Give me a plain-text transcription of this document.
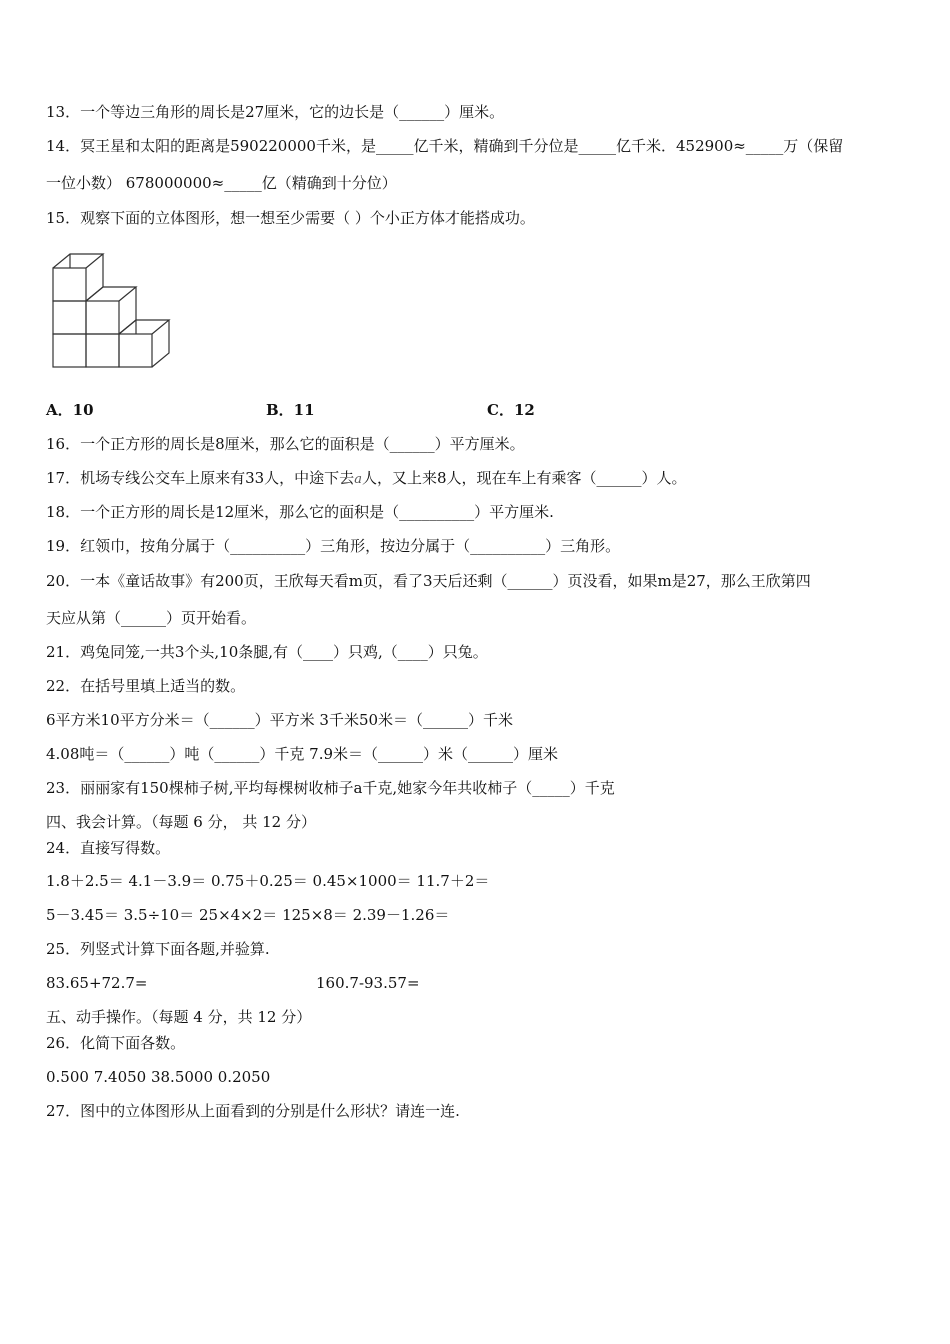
13．一个等边三角形的周长是27厘米，它的边长是（______）厘米。
14．冥王星和太阳的距离是590220000千米，是_____亿千米，精确到千分位是_____亿千米．452900≈_____万（保留
一位小数） 678000000≈_____亿（精确到十分位）
15．观察下面的立体图形，想一想至少需要（ ）个小正方体才能搭成功。
A．10	B．11	C．12
16．一个正方形的周长是8厘米，那么它的面积是（______）平方厘米。
17．机场专线公交车上原来有33人，中途下去a人，又上来8人，现在车上有乘客（______）人。
18．一个正方形的周长是12厘米，那么它的面积是（__________）平方厘米.
19．红领巾，按角分属于（__________）三角形，按边分属于（__________）三角形。
20．一本《童话故事》有200页，王欣每天看m页，看了3天后还剩（______）页没看，如果m是27，那么王欣第四
天应从第（______）页开始看。
21．鸡兔同笼,一共3个头,10条腿,有（____）只鸡,（____）只兔。
22．在括号里填上适当的数。
6平方米10平方分米＝（______）平方米 3千米50米＝（______）千米
4.08吨＝（______）吨（______）千克 7.9米＝（______）米（______）厘米
23．丽丽家有150棵柿子树,平均每棵树收柿子a千克,她家今年共收柿子（_____）千克
四、我会计算。（每题 6 分， 共 12 分）
24．直接写得数。
1.8＋2.5＝ 4.1－3.9＝ 0.75＋0.25＝ 0.45×1000＝ 11.7＋2＝
5－3.45＝ 3.5÷10＝ 25×4×2＝ 125×8＝ 2.39－1.26＝
25．列竖式计算下面各题,并验算.
83.65+72.7=	160.7-93.57=
五、动手操作。（每题 4 分，共 12 分）
26．化简下面各数。
0.500 7.4050 38.5000 0.2050
27．图中的立体图形从上面看到的分别是什么形状？请连一连.
